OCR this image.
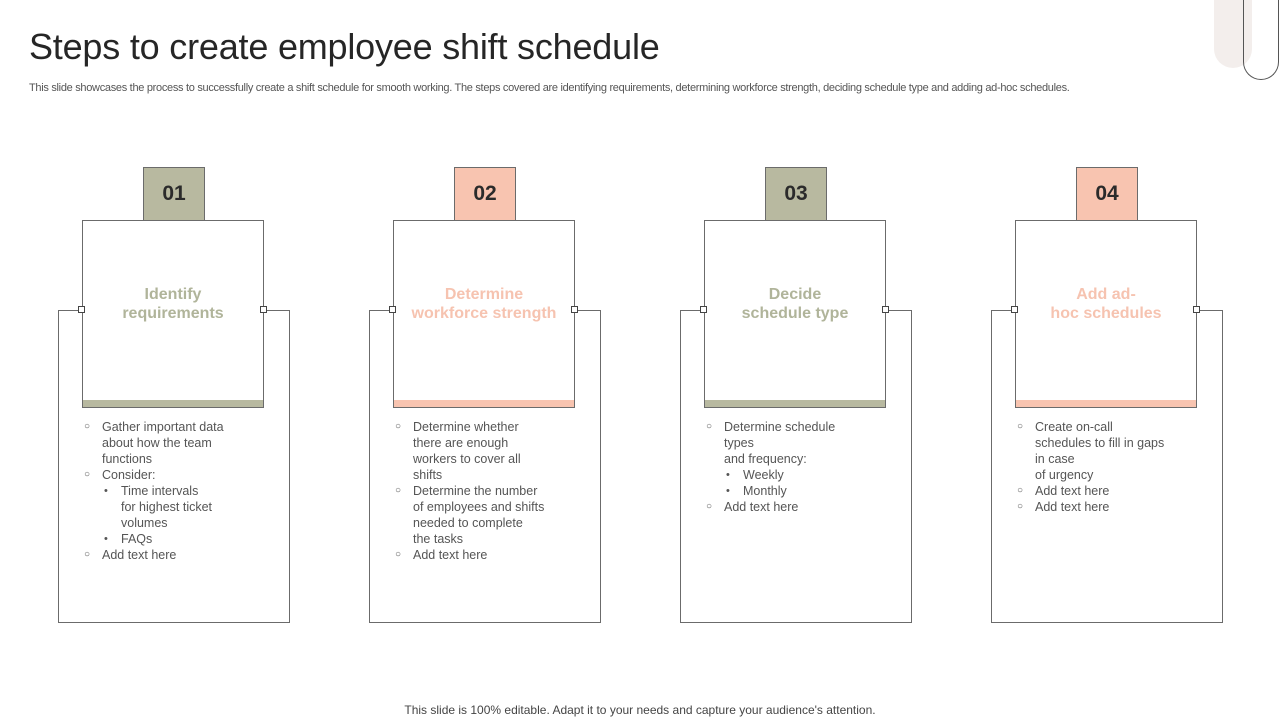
Steps to create employee shift schedule

This slide showcases the process to successfully create a shift schedule for smooth working. The steps covered are identifying requirements, determining workforce strength, deciding schedule type and adding ad-hoc schedules.

Identify
requirements
01
○ Gather important data
about how the team
functions
○ Consider:
• Time intervals
for highest ticket
volumes
• FAQs
○ Add text here
Determine
workforce strength
02
○ Determine whether
there are enough
workers to cover all
shifts
○ Determine the number
of employees and shifts
needed to complete
the tasks
○ Add text here
Decide
schedule type
03
○ Determine schedule
types
and frequency:
• Weekly
• Monthly
○ Add text here
Add ad-
hoc schedules
04
○ Create on-call
schedules to fill in gaps
in case
of urgency
○ Add text here
○ Add text here
This slide is 100% editable. Adapt it to your needs and capture your audience's attention.
